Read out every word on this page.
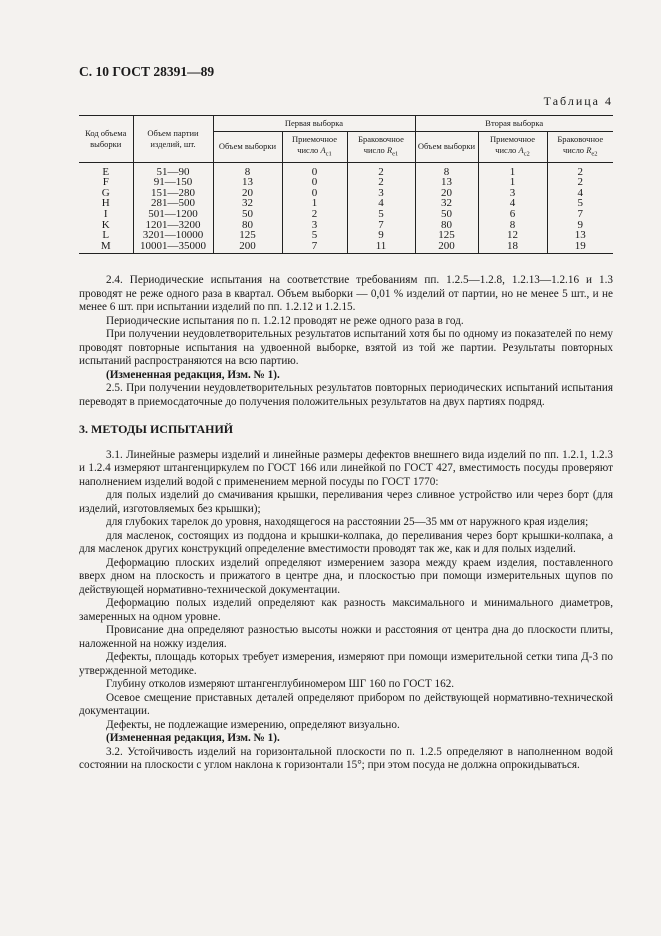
С. 10 ГОСТ 28391—89
Таблица 4
Код объема выборки	Объем партии изделий, шт.	Первая выборка			Вторая выборка		
		Объем выборки	Приемочное число $A_{c1}$	Браковочное число $R_{e1}$	Объем выборки	Приемочное число $A_{c2}$	Браковочное число $R_{e2}$
E	51—90	8	0	2	8	1	2
F	91—150	13	0	2	13	1	2
G	151—280	20	0	3	20	3	4
H	281—500	32	1	4	32	4	5
I	501—1200	50	2	5	50	6	7
K	1201—3200	80	3	7	80	8	9
L	3201—10000	125	5	9	125	12	13
M	10001—35000	200	7	11	200	18	19

2.4. Периодические испытания на соответствие требованиям пп. 1.2.5—1.2.8, 1.2.13—1.2.16 и 1.3 проводят не реже одного раза в квартал. Объем выборки — 0,01 % изделий от партии, но не менее 5 шт., и не менее 6 шт. при испытании изделий по пп. 1.2.12 и 1.2.15.

Периодические испытания по п. 1.2.12 проводят не реже одного раза в год.

При получении неудовлетворительных результатов испытаний хотя бы по одному из показателей по нему проводят повторные испытания на удвоенной выборке, взятой из той же партии. Результаты повторных испытаний распространяются на всю партию.

(Измененная редакция, Изм. № 1).

2.5. При получении неудовлетворительных результатов повторных периодических испытаний испытания переводят в приемосдаточные до получения положительных результатов на двух партиях подряд.

3. МЕТОДЫ ИСПЫТАНИЙ

3.1. Линейные размеры изделий и линейные размеры дефектов внешнего вида изделий по пп. 1.2.1, 1.2.3 и 1.2.4 измеряют штангенциркулем по ГОСТ 166 или линейкой по ГОСТ 427, вместимость посуды проверяют наполнением изделий водой с применением мерной посуды по ГОСТ 1770:

для полых изделий до смачивания крышки, переливания через сливное устройство или через борт (для изделий, изготовляемых без крышки);

для глубоких тарелок до уровня, находящегося на расстоянии 25—35 мм от наружного края изделия;

для масленок, состоящих из поддона и крышки-колпака, до переливания через борт крышки-колпака, а для масленок других конструкций определение вместимости проводят так же, как и для полых изделий.

Деформацию плоских изделий определяют измерением зазора между краем изделия, поставленного вверх дном на плоскость и прижатого в центре дна, и плоскостью при помощи измерительных щупов по действующей нормативно-технической документации.

Деформацию полых изделий определяют как разность максимального и минимального диаметров, замеренных на одном уровне.

Провисание дна определяют разностью высоты ножки и расстояния от центра дна до плоскости плиты, наложенной на ножку изделия.

Дефекты, площадь которых требует измерения, измеряют при помощи измерительной сетки типа Д-3 по утвержденной методике.

Глубину отколов измеряют штангенглубиномером ШГ 160 по ГОСТ 162.

Осевое смещение приставных деталей определяют прибором по действующей нормативно-технической документации.

Дефекты, не подлежащие измерению, определяют визуально.

(Измененная редакция, Изм. № 1).

3.2. Устойчивость изделий на горизонтальной плоскости по п. 1.2.5 определяют в наполненном водой состоянии на плоскости с углом наклона к горизонтали 15°; при этом посуда не должна опрокидываться.
